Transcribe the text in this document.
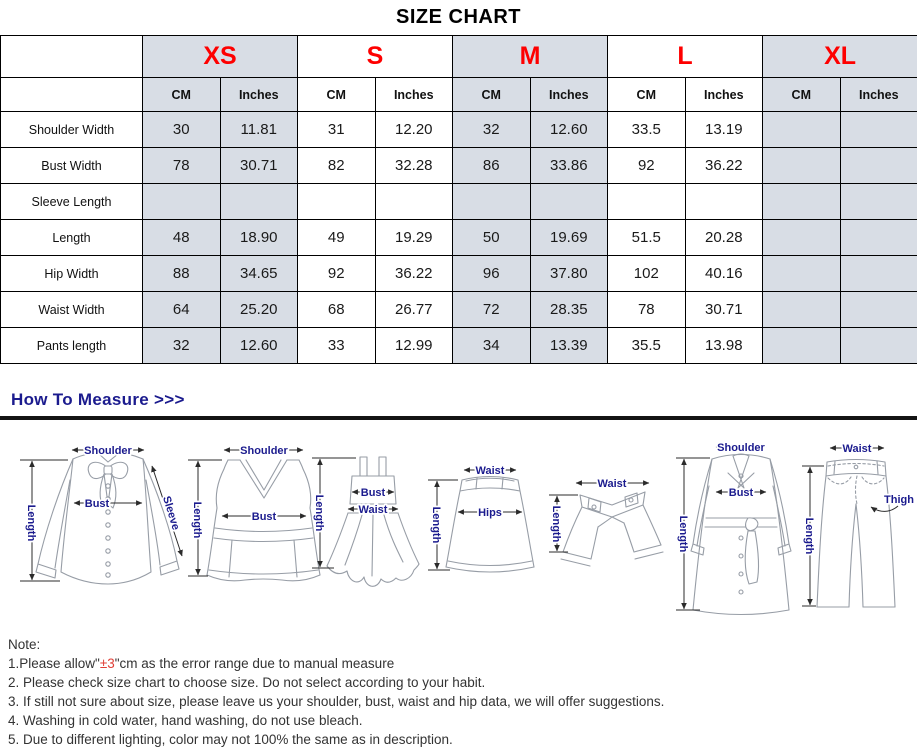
SIZE CHART
	XS		S		M		L		XL	
	CM	Inches	CM	Inches	CM	Inches	CM	Inches	CM	Inches
Shoulder Width	30	11.81	31	12.20	32	12.60	33.5	13.19		
Bust Width	78	30.71	82	32.28	86	33.86	92	36.22		
Sleeve Length										
Length	48	18.90	49	19.29	50	19.69	51.5	20.28		
Hip Width	88	34.65	92	36.22	96	37.80	102	40.16		
Waist Width	64	25.20	68	26.77	72	28.35	78	30.71		
Pants length	32	12.60	33	12.99	34	13.39	35.5	13.98		
How To Measure >>>
Shoulder
Bust
Length	Sleeve
Shoulder
Bust
Length
Bust
Waist
Length
Waist
Hips
Length
Waist
Length
Shoulder
Bust
Length
Waist
Thigh
Length
Note:
1.Please allow"±3"cm as the error range due to manual measure
2. Please check size chart to choose size. Do not select according to your habit.
3. If still not sure about size, please leave us your shoulder, bust, waist and hip data, we will offer suggestions.
4. Washing in cold water, hand washing, do not use bleach.
5. Due to different lighting, color may not 100% the same as in description.
